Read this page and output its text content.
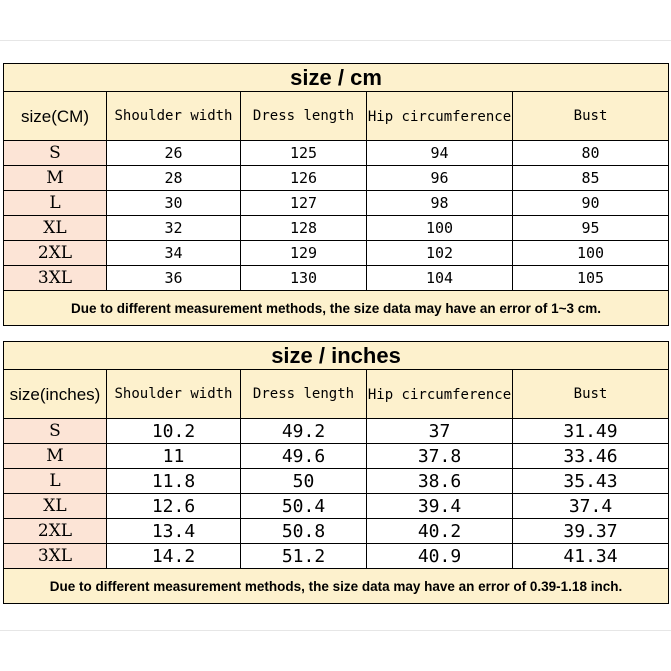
size / cm				
size(CM)	Shoulder width	Dress length	Hip circumference	Bust
S	26	125	94	80
M	28	126	96	85
L	30	127	98	90
XL	32	128	100	95
2XL	34	129	102	100
3XL	36	130	104	105
Due to different measurement methods, the size data may have an error of 1~3 cm.				
size / inches				
size(inches)	Shoulder width	Dress length	Hip circumference	Bust
S	10.2	49.2	37	31.49
M	11	49.6	37.8	33.46
L	11.8	50	38.6	35.43
XL	12.6	50.4	39.4	37.4
2XL	13.4	50.8	40.2	39.37
3XL	14.2	51.2	40.9	41.34
Due to different measurement methods, the size data may have an error of 0.39-1.18 inch.				
